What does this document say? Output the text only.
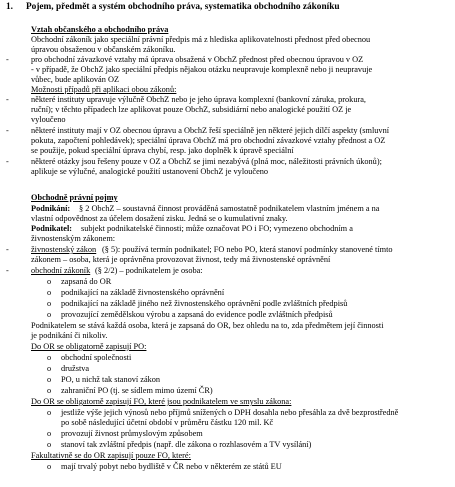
1. Pojem, předmět a systém obchodního práva, systematika obchodního zákoníku
Vztah občanského a obchodního práva
Obchodní zákoník jako speciální právní předpis má z hlediska aplikovatelnosti přednost před obecnou
úpravou obsaženou v občanském zákoníku.
-	pro obchodní závazkové vztahy má úprava obsažená v ObchZ přednost před obecnou úpravou v OZ
- v případě, že ObchZ jako speciální předpis nějakou otázku neupravuje komplexně nebo ji neupravuje
vůbec, bude aplikován OZ
Možnosti případů při aplikaci obou zákonů:
-	některé instituty upravuje výlučně ObchZ nebo je jeho úprava komplexní (bankovní záruka, prokura,
ruční); v těchto případech lze aplikovat pouze ObchZ, subsidiární nebo analogické použití OZ je
vyloučeno
-	některé instituty mají v OZ obecnou úpravu a ObchZ řeší speciálně jen některé jejich dílčí aspekty (smluvní
pokuta, započtení pohledávek); speciální úprava ObchZ má pro obchodní závazkové vztahy přednost a OZ
se použije, pokud speciální úprava chybí, resp. jako doplněk k úpravě speciální
-	některé otázky jsou řešeny pouze v OZ a ObchZ se jimi nezabývá (plná moc, náležitosti právních úkonů);
aplikuje se výlučné, analogické použití ustanovení ObchZ je vyloučeno
Obchodně právní pojmy
Podnikání: § 2 ObchZ – soustavná činnost prováděná samostatně podnikatelem vlastním jménem a na
vlastní odpovědnost za účelem dosažení zisku. Jedná se o kumulativní znaky.
Podnikatel: subjekt podnikatelské činnosti; může označovat PO i FO; vymezeno obchodním a
živnostenským zákonem:
-	živnostenský zákon (§ 5): používá termín podnikatel; FO nebo PO, která stanoví podmínky stanovené tímto
zákonem – osoba, která je oprávněna provozovat živnost, tedy má živnostenské oprávnění
-	obchodní zákoník (§ 2/2) – podnikatelem je osoba:
o zapsaná do OR
o podnikající na základě živnostenského oprávnění
o podnikající na základě jiného než živnostenského oprávnění podle zvláštních předpisů
o provozující zemědělskou výrobu a zapsaná do evidence podle zvláštních předpisů
Podnikatelem se stává každá osoba, která je zapsaná do OR, bez ohledu na to, zda předmětem její činnosti
je podnikání či nikoliv.
Do OR se obligatorně zapisují PO:
o obchodní společnosti
o družstva
o PO, u nichž tak stanoví zákon
o zahraniční PO (tj. se sídlem mimo území ČR)
Do OR se obligatorně zapisují FO, které jsou podnikatelem ve smyslu zákona:
o jestliže výše jejich výnosů nebo příjmů snížených o DPH dosahla nebo přesáhla za dvě bezprostředně
po sobě následující účetní období v průměru částku 120 mil. Kč
o provozují živnost průmyslovým způsobem
o stanoví tak zvláštní předpis (např. dle zákona o rozhlasovém a TV vysílání)
Fakultativně se do OR zapisují pouze FO, které:
o mají trvalý pobyt nebo bydliště v ČR nebo v některém ze států EU
